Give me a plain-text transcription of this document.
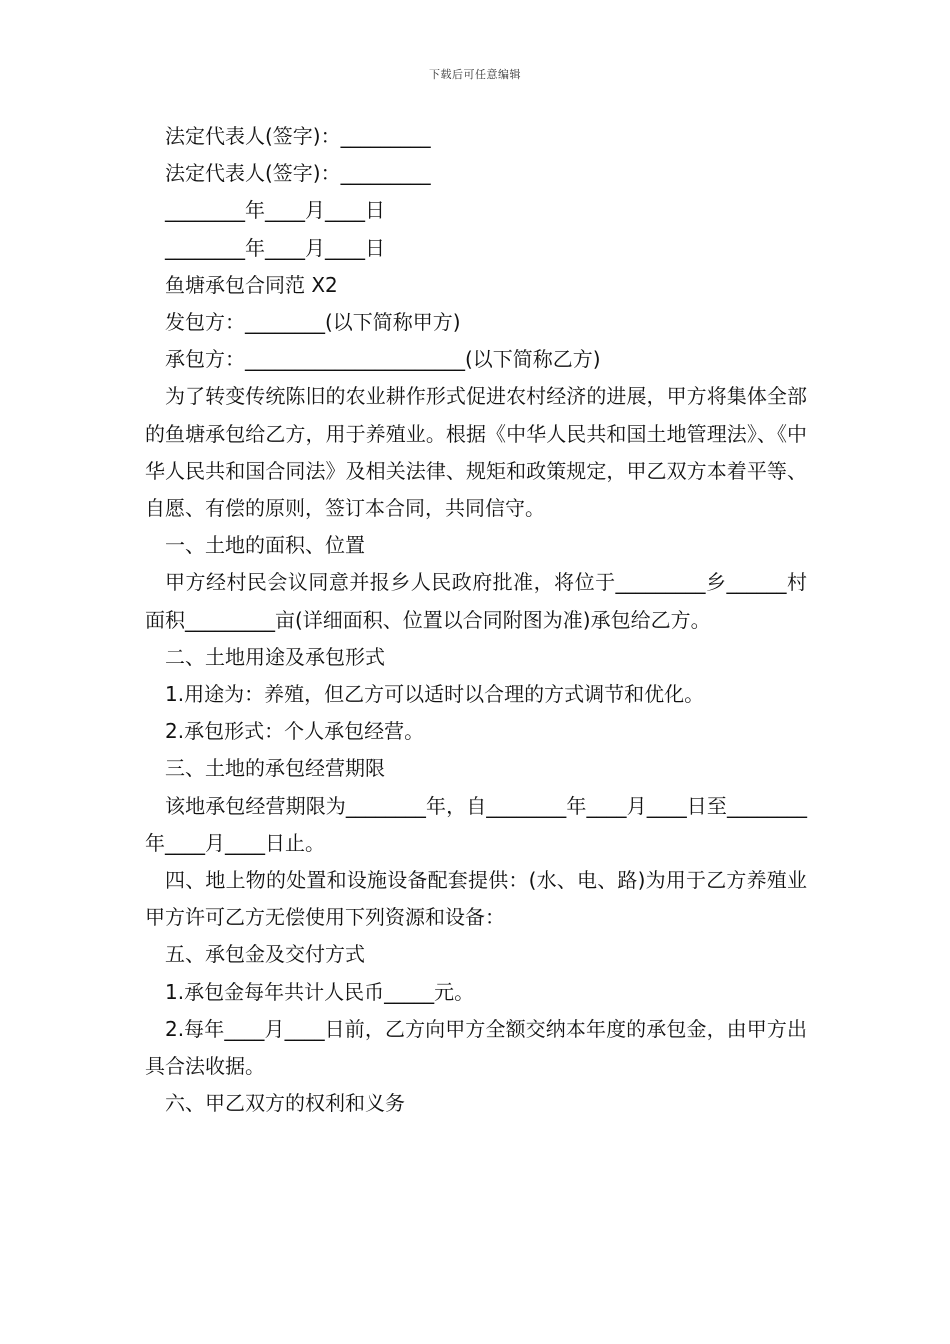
下载后可任意编辑

法定代表人(签字)：_________

法定代表人(签字)：_________

________年____月____日

________年____月____日

鱼塘承包合同范 X2

发包方：________(以下简称甲方)

承包方：______________________(以下简称乙方)

为了转变传统陈旧的农业耕作形式促进农村经济的进展，甲方将集体全部的鱼塘承包给乙方，用于养殖业。根据《中华人民共和国土地管理法》、《中华人民共和国合同法》及相关法律、规矩和政策规定，甲乙双方本着平等、自愿、有偿的原则，签订本合同，共同信守。

一、土地的面积、位置

甲方经村民会议同意并报乡人民政府批准，将位于_________乡______村面积_________亩(详细面积、位置以合同附图为准)承包给乙方。

二、土地用途及承包形式

1.用途为：养殖，但乙方可以适时以合理的方式调节和优化。

2.承包形式：个人承包经营。

三、土地的承包经营期限

该地承包经营期限为________年，自________年____月____日至________年____月____日止。

四、地上物的处置和设施设备配套提供：(水、电、路)为用于乙方养殖业甲方许可乙方无偿使用下列资源和设备：

五、承包金及交付方式

1.承包金每年共计人民币_____元。

2.每年____月____日前，乙方向甲方全额交纳本年度的承包金，由甲方出具合法收据。

六、甲乙双方的权利和义务
